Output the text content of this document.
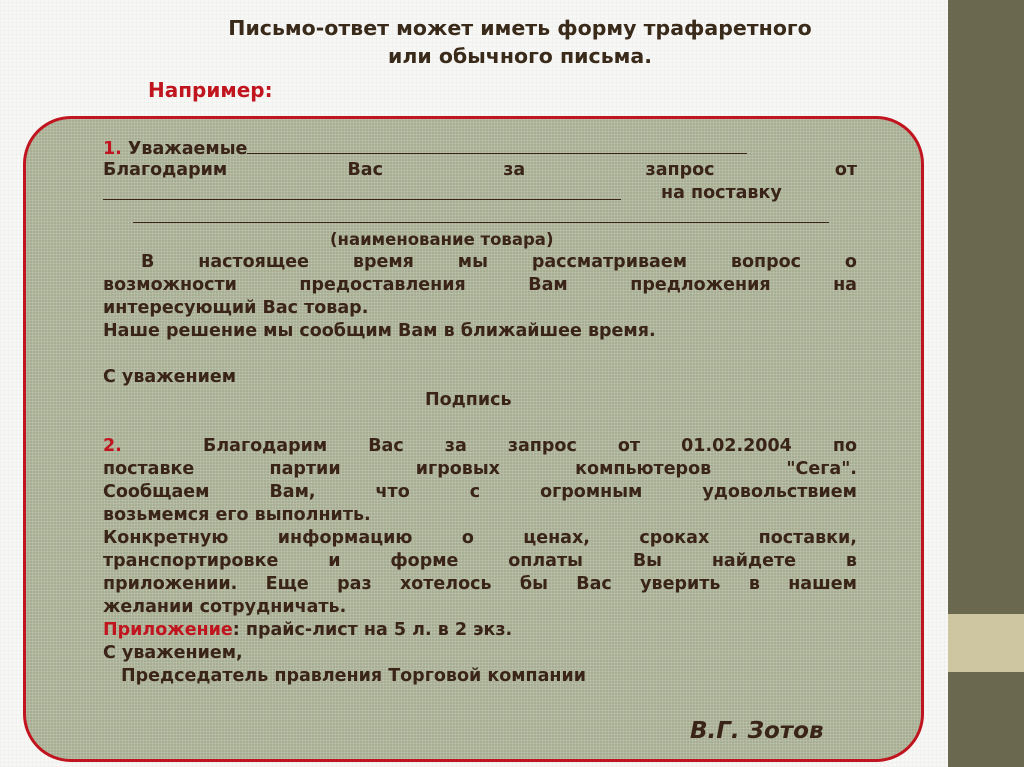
Письмо-ответ может иметь форму трафаретного
или обычного письма.
Например:
1. Уважаемые
Благодарим	Вас	за	запрос	от
на поставку
(наименование товара)
В	настоящее	время	мы	рассматриваем	вопрос	о
возможности	предоставления	Вам	предложения	на
интересующий Вас товар.
Наше решение мы сообщим Вам в ближайшее время.
С уважением
Подпись
2.	Благодарим Вас за запрос от 01.02.2004 по
поставке	партии	игровых	компьютеров	"Сега".
Сообщаем	Вам,	что	с	огромным	удовольствием
возьмемся его выполнить.
Конкретную	информацию	о	ценах,	сроках	поставки,
транспортировке	и	форме	оплаты	Вы	найдете	в
приложении. Еще раз хотелось бы Вас уверить в нашем
желании сотрудничать.
Приложение: прайс-лист на 5 л. в 2 экз.
С уважением,
Председатель правления Торговой компании
В.Г. Зотов
